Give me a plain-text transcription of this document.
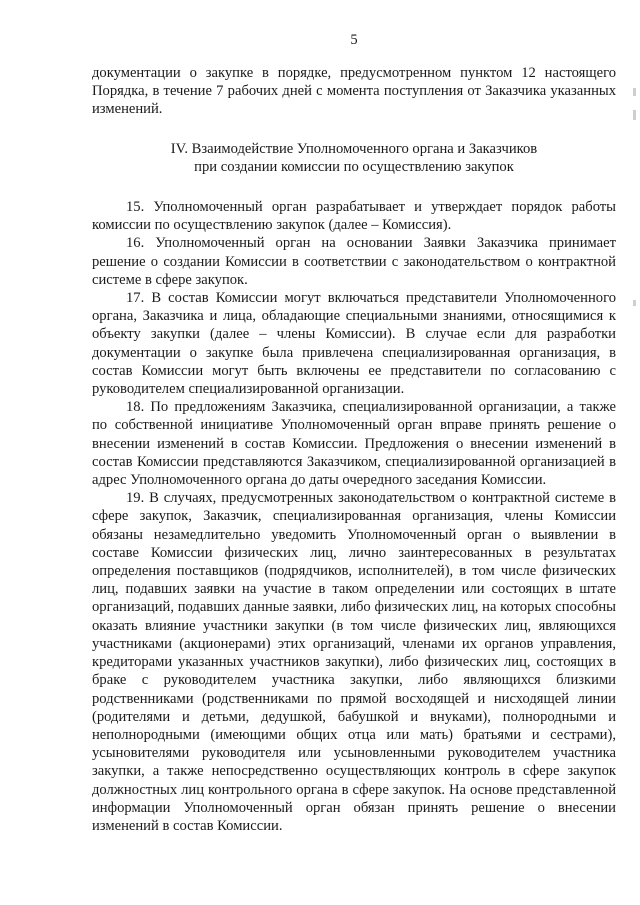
5

документации о закупке в порядке, предусмотренном пунктом 12 настоящего Порядка, в течение 7 рабочих дней с момента поступления от Заказчика указанных изменений.

IV. Взаимодействие Уполномоченного органа и Заказчиков
при создании комиссии по осуществлению закупок

15. Уполномоченный орган разрабатывает и утверждает порядок работы комиссии по осуществлению закупок (далее – Комиссия).

16. Уполномоченный орган на основании Заявки Заказчика принимает решение о создании Комиссии в соответствии с законодательством о контрактной системе в сфере закупок.

17. В состав Комиссии могут включаться представители Уполномоченного органа, Заказчика и лица, обладающие специальными знаниями, относящимися к объекту закупки (далее – члены Комиссии). В случае если для разработки документации о закупке была привлечена специализированная организация, в состав Комиссии могут быть включены ее представители по согласованию с руководителем специализированной организации.

18. По предложениям Заказчика, специализированной организации, а также по собственной инициативе Уполномоченный орган вправе принять решение о внесении изменений в состав Комиссии. Предложения о внесении изменений в состав Комиссии представляются Заказчиком, специализированной организацией в адрес Уполномоченного органа до даты очередного заседания Комиссии.

19. В случаях, предусмотренных законодательством о контрактной системе в сфере закупок, Заказчик, специализированная организация, члены Комиссии обязаны незамедлительно уведомить Уполномоченный орган о выявлении в составе Комиссии физических лиц, лично заинтересованных в результатах определения поставщиков (подрядчиков, исполнителей), в том числе физических лиц, подавших заявки на участие в таком определении или состоящих в штате организаций, подавших данные заявки, либо физических лиц, на которых способны оказать влияние участники закупки (в том числе физических лиц, являющихся участниками (акционерами) этих организаций, членами их органов управления, кредиторами указанных участников закупки), либо физических лиц, состоящих в браке с руководителем участника закупки, либо являющихся близкими родственниками (родственниками по прямой восходящей и нисходящей линии (родителями и детьми, дедушкой, бабушкой и внуками), полнородными и неполнородными (имеющими общих отца или мать) братьями и сестрами), усыновителями руководителя или усыновленными руководителем участника закупки, а также непосредственно осуществляющих контроль в сфере закупок должностных лиц контрольного органа в сфере закупок. На основе представленной информации Уполномоченный орган обязан принять решение о внесении изменений в состав Комиссии.
